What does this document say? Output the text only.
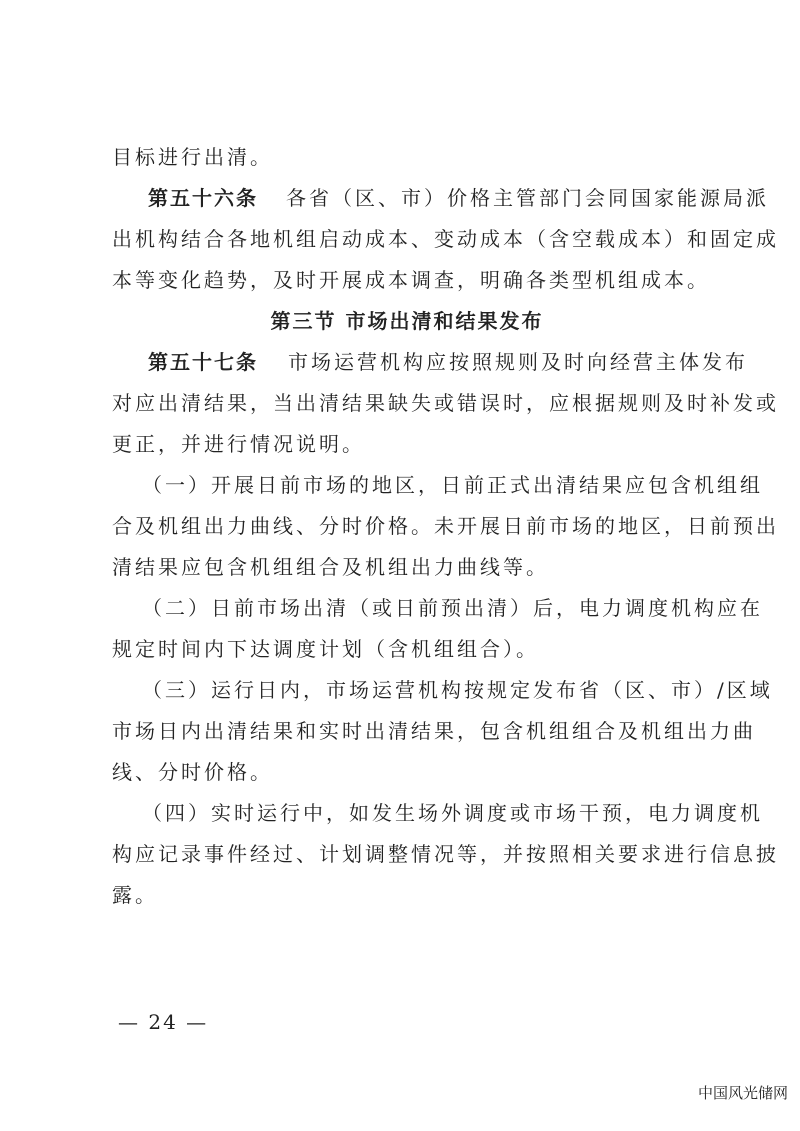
目标进行出清。
第五十六条 各省（区、市）价格主管部门会同国家能源局派
出机构结合各地机组启动成本、变动成本（含空载成本）和固定成
本等变化趋势，及时开展成本调查，明确各类型机组成本。
第三节 市场出清和结果发布
第五十七条 市场运营机构应按照规则及时向经营主体发布
对应出清结果，当出清结果缺失或错误时，应根据规则及时补发或
更正，并进行情况说明。
（一）开展日前市场的地区，日前正式出清结果应包含机组组
合及机组出力曲线、分时价格。未开展日前市场的地区，日前预出
清结果应包含机组组合及机组出力曲线等。
（二）日前市场出清（或日前预出清）后，电力调度机构应在
规定时间内下达调度计划（含机组组合）。
（三）运行日内，市场运营机构按规定发布省（区、市）/区域
市场日内出清结果和实时出清结果，包含机组组合及机组出力曲
线、分时价格。
（四）实时运行中，如发生场外调度或市场干预，电力调度机
构应记录事件经过、计划调整情况等，并按照相关要求进行信息披
露。
— 24 —
中国风光储网
